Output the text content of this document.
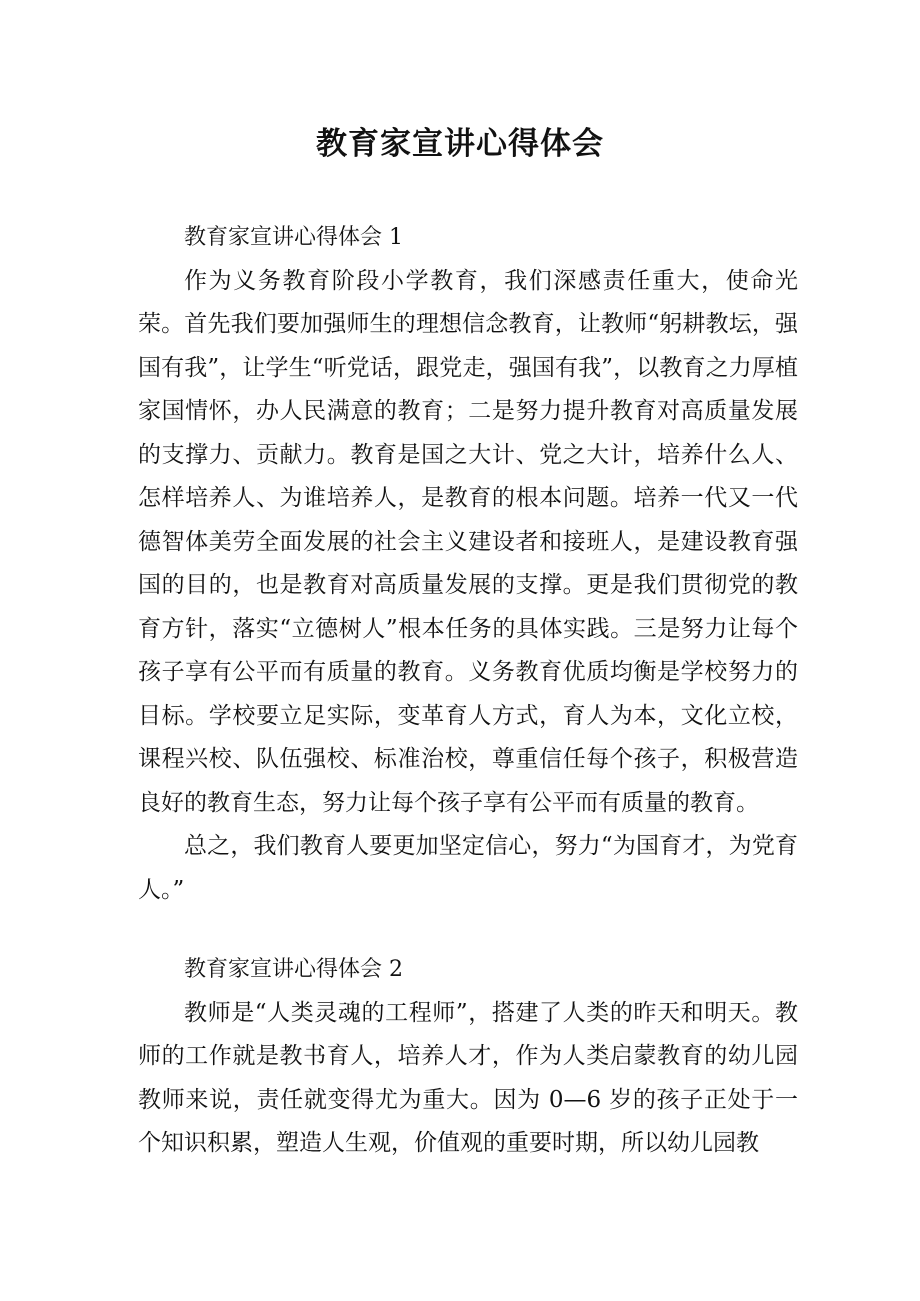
教育家宣讲心得体会
教育家宣讲心得体会 1

作为义务教育阶段小学教育，我们深感责任重大，使命光荣。首先我们要加强师生的理想信念教育，让教师“躬耕教坛，强国有我”，让学生“听党话，跟党走，强国有我”，以教育之力厚植家国情怀，办人民满意的教育；二是努力提升教育对高质量发展的支撑力、贡献力。教育是国之大计、党之大计，培养什么人、怎样培养人、为谁培养人，是教育的根本问题。培养一代又一代德智体美劳全面发展的社会主义建设者和接班人，是建设教育强国的目的，也是教育对高质量发展的支撑。更是我们贯彻党的教育方针，落实“立德树人”根本任务的具体实践。三是努力让每个孩子享有公平而有质量的教育。义务教育优质均衡是学校努力的目标。学校要立足实际，变革育人方式，育人为本，文化立校，课程兴校、队伍强校、标准治校，尊重信任每个孩子，积极营造良好的教育生态，努力让每个孩子享有公平而有质量的教育。

总之，我们教育人要更加坚定信心，努力“为国育才，为党育人。”

教育家宣讲心得体会 2

教师是“人类灵魂的工程师”，搭建了人类的昨天和明天。教师的工作就是教书育人，培养人才，作为人类启蒙教育的幼儿园教师来说，责任就变得尤为重大。因为 0—6 岁的孩子正处于一个知识积累，塑造人生观，价值观的重要时期，所以幼儿园教
